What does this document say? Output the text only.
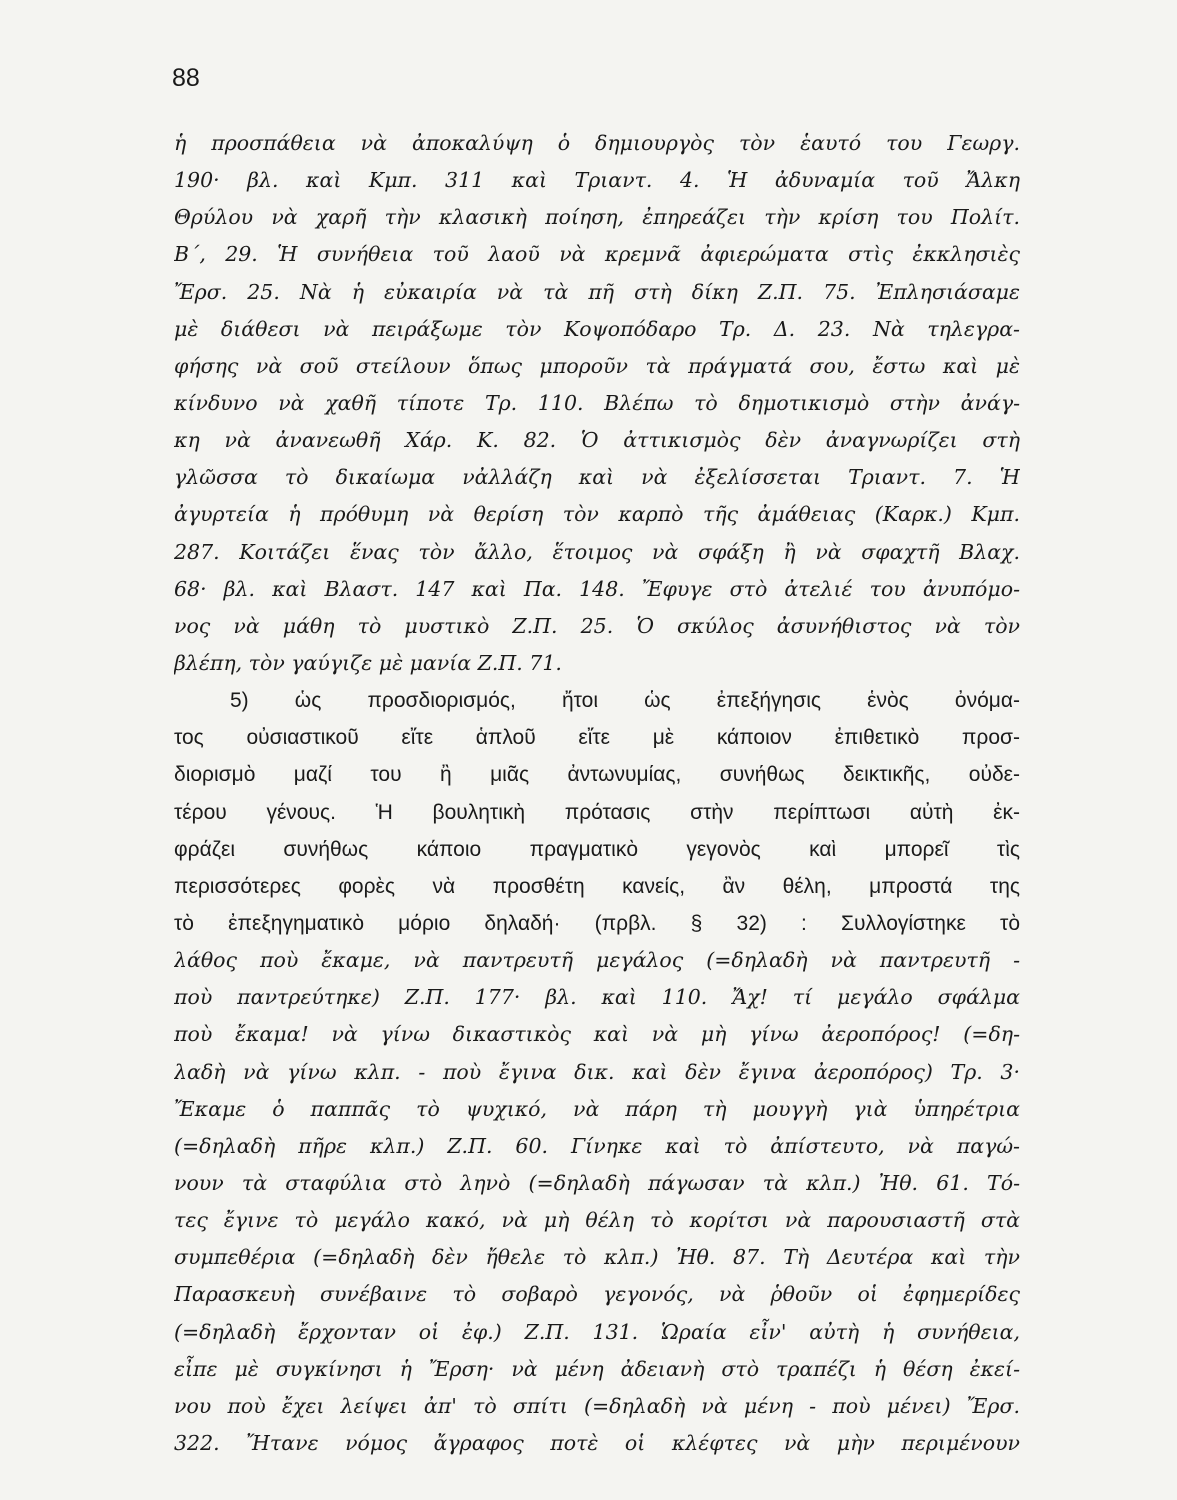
88
ἡ προσπάθεια νὰ ἀποκαλύψη ὁ δημιουργὸς τὸν ἑαυτό του Γεωργ.
190· βλ. καὶ Κμπ. 311 καὶ Τριαντ. 4. Ἡ ἀδυναμία τοῦ Ἄλκη
Θρύλου νὰ χαρῆ τὴν κλασικὴ ποίηση, ἐπηρεάζει τὴν κρίση του Πολίτ.
Β΄, 29. Ἡ συνήθεια τοῦ λαοῦ νὰ κρεμνᾶ ἀφιερώματα στὶς ἐκκλησιὲς
Ἔρσ. 25. Νὰ ἡ εὐκαιρία νὰ τὰ πῆ στὴ δίκη Ζ.Π. 75. Ἐπλησιάσαμε
μὲ διάθεσι νὰ πειράξωμε τὸν Κοψοπόδαρο Τρ. Δ. 23. Νὰ τηλεγρα-
φήσης νὰ σοῦ στείλουν ὅπως μποροῦν τὰ πράγματά σου, ἔστω καὶ μὲ
κίνδυνο νὰ χαθῆ τίποτε Τρ. 110. Βλέπω τὸ δημοτικισμὸ στὴν ἀνάγ-
κη νὰ ἀνανεωθῆ Χάρ. Κ. 82. Ὁ ἀττικισμὸς δὲν ἀναγνωρίζει στὴ
γλῶσσα τὸ δικαίωμα νἀλλάζη καὶ νὰ ἐξελίσσεται Τριαντ. 7. Ἡ
ἀγυρτεία ἡ πρόθυμη νὰ θερίση τὸν καρπὸ τῆς ἀμάθειας (Καρκ.) Κμπ.
287. Κοιτάζει ἕνας τὸν ἄλλο, ἕτοιμος νὰ σφάξη ἢ νὰ σφαχτῆ Βλαχ.
68· βλ. καὶ Βλαστ. 147 καὶ Πα. 148. Ἔφυγε στὸ ἀτελιέ του ἀνυπόμο-
νος νὰ μάθη τὸ μυστικὸ Ζ.Π. 25. Ὁ σκύλος ἀσυνήθιστος νὰ τὸν
βλέπη, τὸν γαύγιζε μὲ μανία Ζ.Π. 71.
5) ὡς προσδιορισμός, ἤτοι ὡς ἐπεξήγησις ἑνὸς ὀνόμα-
τος οὐσιαστικοῦ εἴτε ἁπλοῦ εἴτε μὲ κάποιον ἐπιθετικὸ προσ-
διορισμὸ μαζί του ἢ μιᾶς ἀντωνυμίας, συνήθως δεικτικῆς, οὐδε-
τέρου γένους. Ἡ βουλητικὴ πρότασις στὴν περίπτωσι αὐτὴ ἐκ-
φράζει συνήθως κάποιο πραγματικὸ γεγονὸς καὶ μπορεῖ τὶς
περισσότερες φορὲς νὰ προσθέτη κανείς, ἂν θέλη, μπροστά της
τὸ ἐπεξηγηματικὸ μόριο δηλαδή· (πρβλ. § 32) : Συλλογίστηκε τὸ
λάθος ποὺ ἔκαμε, νὰ παντρευτῆ μεγάλος (=δηλαδὴ νὰ παντρευτῆ -
ποὺ παντρεύτηκε) Ζ.Π. 177· βλ. καὶ 110. Ἄχ! τί μεγάλο σφάλμα
ποὺ ἔκαμα! νὰ γίνω δικαστικὸς καὶ νὰ μὴ γίνω ἀεροπόρος! (=δη-
λαδὴ νὰ γίνω κλπ. - ποὺ ἔγινα δικ. καὶ δὲν ἔγινα ἀεροπόρος) Τρ. 3·
Ἔκαμε ὁ παππᾶς τὸ ψυχικό, νὰ πάρη τὴ μουγγὴ γιὰ ὑπηρέτρια
(=δηλαδὴ πῆρε κλπ.) Ζ.Π. 60. Γίνηκε καὶ τὸ ἀπίστευτο, νὰ παγώ-
νουν τὰ σταφύλια στὸ ληνὸ (=δηλαδὴ πάγωσαν τὰ κλπ.) Ἠθ. 61. Τό-
τες ἔγινε τὸ μεγάλο κακό, νὰ μὴ θέλη τὸ κορίτσι νὰ παρουσιαστῆ στὰ
συμπεθέρια (=δηλαδὴ δὲν ἤθελε τὸ κλπ.) Ἠθ. 87. Τὴ Δευτέρα καὶ τὴν
Παρασκευὴ συνέβαινε τὸ σοβαρὸ γεγονός, νὰ ῥθοῦν οἱ ἐφημερίδες
(=δηλαδὴ ἔρχονταν οἱ ἐφ.) Ζ.Π. 131. Ὡραία εἶν' αὐτὴ ἡ συνήθεια,
εἶπε μὲ συγκίνησι ἡ Ἔρση· νὰ μένη ἀδειανὴ στὸ τραπέζι ἡ θέση ἐκεί-
νου ποὺ ἔχει λείψει ἀπ' τὸ σπίτι (=δηλαδὴ νὰ μένη - ποὺ μένει) Ἔρσ.
322. Ἤτανε νόμος ἄγραφος ποτὲ οἱ κλέφτες νὰ μὴν περιμένουν
